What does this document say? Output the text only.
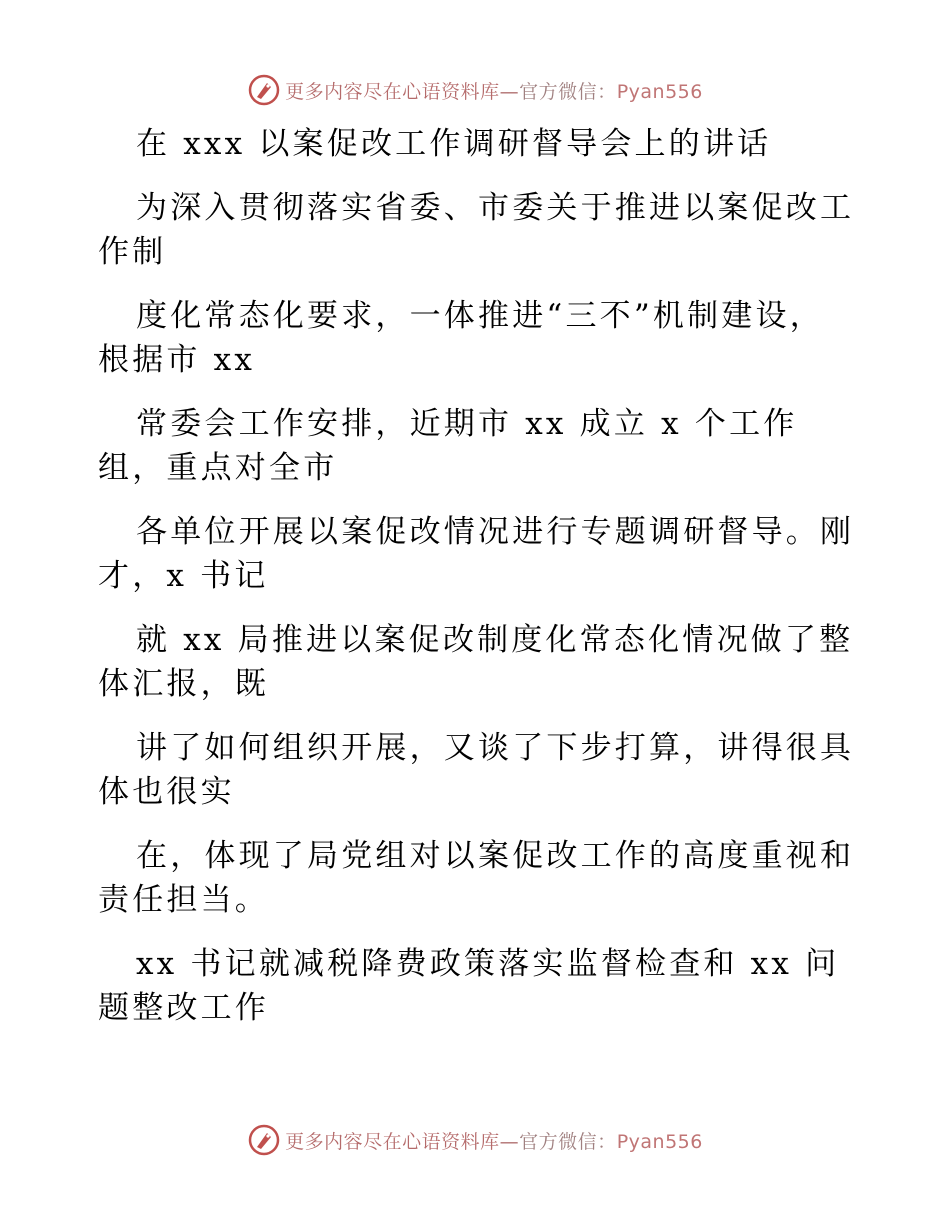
更多内容尽在心语资料库—官方微信：Pyan556
在 xxx 以案促改工作调研督导会上的讲话
为深入贯彻落实省委、市委关于推进以案促改工
作制
度化常态化要求，一体推进“三不”机制建设，
根据市 xx
常委会工作安排，近期市 xx 成立 x 个工作
组，重点对全市
各单位开展以案促改情况进行专题调研督导。刚
才，x 书记
就 xx 局推进以案促改制度化常态化情况做了整
体汇报，既
讲了如何组织开展，又谈了下步打算，讲得很具
体也很实
在，体现了局党组对以案促改工作的高度重视和
责任担当。
xx 书记就减税降费政策落实监督检查和 xx 问
题整改工作
更多内容尽在心语资料库—官方微信：Pyan556
